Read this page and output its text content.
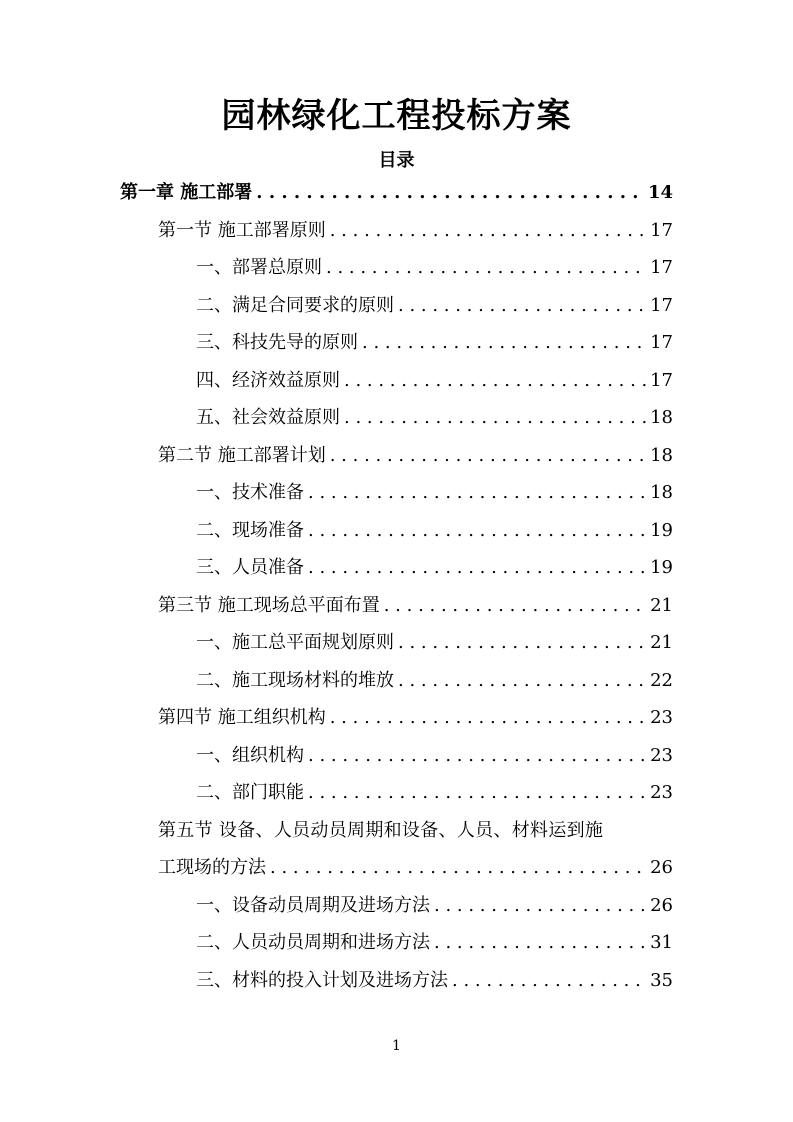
园林绿化工程投标方案
目录
第一章 施工部署 . . .	14
第一节 施工部署原则 . . .	17
一、部署总原则 . . .	17
二、满足合同要求的原则 . . .	17
三、科技先导的原则 . . .	17
四、经济效益原则 . . .	17
五、社会效益原则 . . .	18
第二节 施工部署计划 . . .	18
一、技术准备 . . .	18
二、现场准备 . . .	19
三、人员准备 . . .	19
第三节 施工现场总平面布置 . . .	21
一、施工总平面规划原则 . . .	21
二、施工现场材料的堆放 . . .	22
第四节 施工组织机构 . . .	23
一、组织机构 . . .	23
二、部门职能 . . .	23
第五节 设备、人员动员周期和设备、人员、材料运到施
工现场的方法 . . .	26
一、设备动员周期及进场方法 . . .	26
二、人员动员周期和进场方法 . . .	31
三、材料的投入计划及进场方法 . . .	35
1
